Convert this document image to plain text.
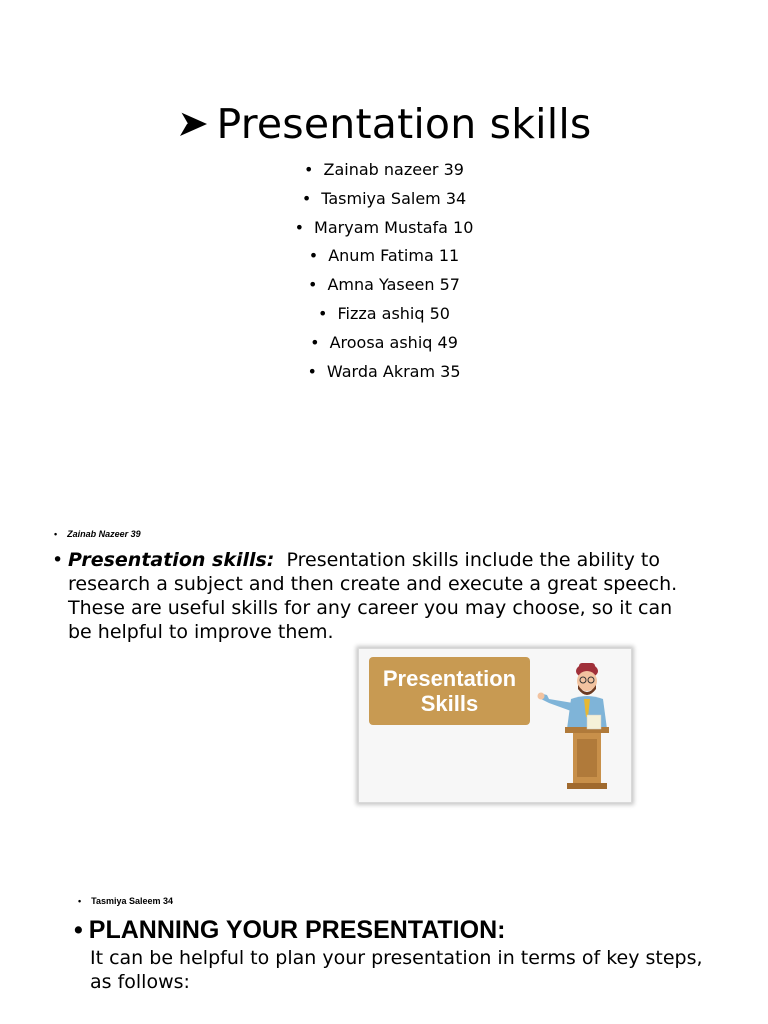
Presentation skills
• Zainab nazeer 39
• Tasmiya Salem 34
• Maryam Mustafa 10
• Anum Fatima 11
• Amna Yaseen 57
• Fizza ashiq 50
• Aroosa ashiq 49
• Warda Akram 35
• Zainab Nazeer 39
• Presentation skills: Presentation skills include the ability to research a subject and then create and execute a great speech. These are useful skills for any career you may choose, so it can be helpful to improve them.
Presentation
Skills
• Tasmiya Saleem 34
• PLANNING YOUR PRESENTATION:
It can be helpful to plan your presentation in terms of key steps, as follows:
